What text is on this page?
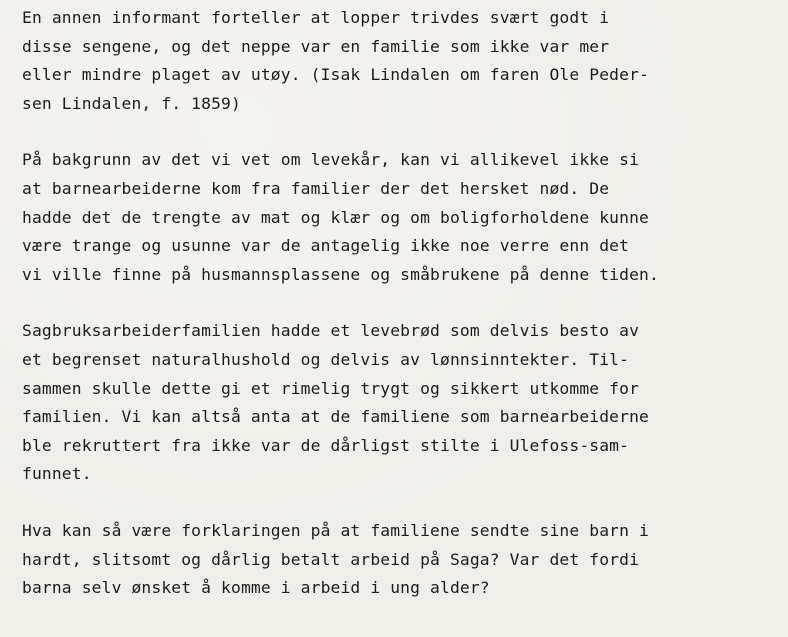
En annen informant forteller at lopper trivdes svært godt i
disse sengene, og det neppe var en familie som ikke var mer
eller mindre plaget av utøy. (Isak Lindalen om faren Ole Peder-
sen Lindalen, f. 1859)
På bakgrunn av det vi vet om levekår, kan vi allikevel ikke si
at barnearbeiderne kom fra familier der det hersket nød. De
hadde det de trengte av mat og klær og om boligforholdene kunne
være trange og usunne var de antagelig ikke noe verre enn det
vi ville finne på husmannsplassene og småbrukene på denne tiden.
Sagbruksarbeiderfamilien hadde et levebrød som delvis besto av
et begrenset naturalhushold og delvis av lønnsinntekter. Til-
sammen skulle dette gi et rimelig trygt og sikkert utkomme for
familien. Vi kan altså anta at de familiene som barnearbeiderne
ble rekruttert fra ikke var de dårligst stilte i Ulefoss-sam-
funnet.
Hva kan så være forklaringen på at familiene sendte sine barn i
hardt, slitsomt og dårlig betalt arbeid på Saga? Var det fordi
barna selv ønsket å komme i arbeid i ung alder?
